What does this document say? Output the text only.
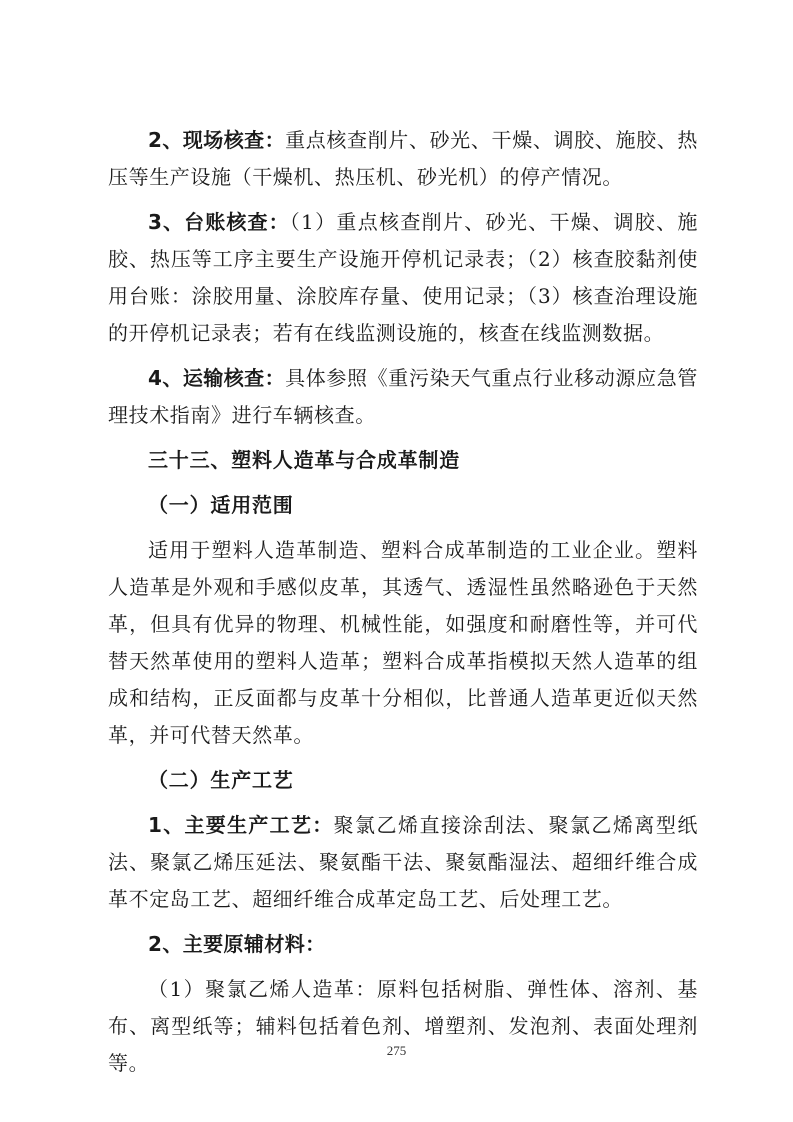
2、现场核查：重点核查削片、砂光、干燥、调胶、施胶、热压等生产设施（干燥机、热压机、砂光机）的停产情况。

3、台账核查：（1）重点核查削片、砂光、干燥、调胶、施胶、热压等工序主要生产设施开停机记录表；（2）核查胶黏剂使用台账：涂胶用量、涂胶库存量、使用记录；（3）核查治理设施的开停机记录表；若有在线监测设施的，核查在线监测数据。

4、运输核查：具体参照《重污染天气重点行业移动源应急管理技术指南》进行车辆核查。

三十三、塑料人造革与合成革制造

（一）适用范围

适用于塑料人造革制造、塑料合成革制造的工业企业。塑料人造革是外观和手感似皮革，其透气、透湿性虽然略逊色于天然革，但具有优异的物理、机械性能，如强度和耐磨性等，并可代替天然革使用的塑料人造革；塑料合成革指模拟天然人造革的组成和结构，正反面都与皮革十分相似，比普通人造革更近似天然革，并可代替天然革。

（二）生产工艺

1、主要生产工艺：聚氯乙烯直接涂刮法、聚氯乙烯离型纸法、聚氯乙烯压延法、聚氨酯干法、聚氨酯湿法、超细纤维合成革不定岛工艺、超细纤维合成革定岛工艺、后处理工艺。

2、主要原辅材料：

（1）聚氯乙烯人造革：原料包括树脂、弹性体、溶剂、基布、离型纸等；辅料包括着色剂、增塑剂、发泡剂、表面处理剂等。

275
